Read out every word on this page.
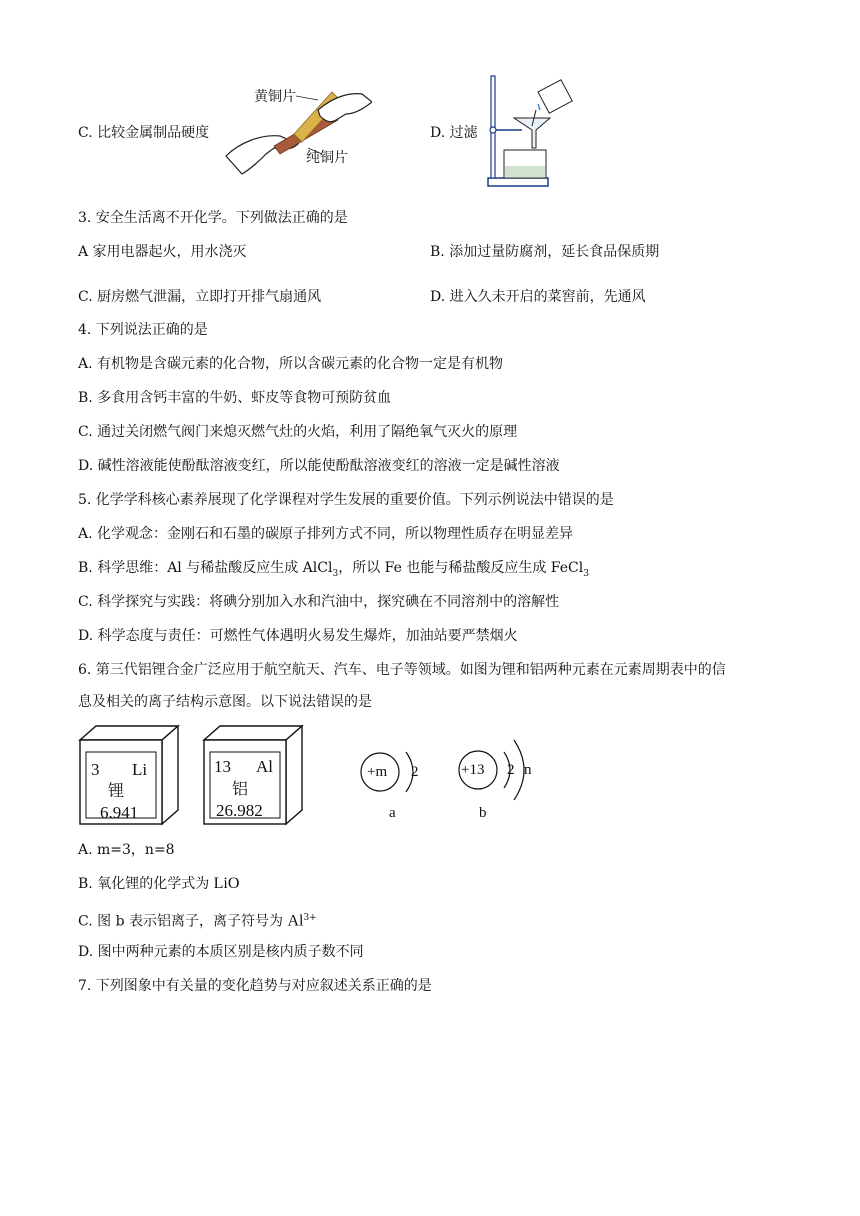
C. 比较金属制品硬度
黄铜片
纯铜片
D. 过滤
3. 安全生活离不开化学。下列做法正确的是
A 家用电器起火，用水浇灭	B. 添加过量防腐剂，延长食品保质期
C. 厨房燃气泄漏，立即打开排气扇通风	D. 进入久未开启的菜窖前，先通风
4. 下列说法正确的是
A. 有机物是含碳元素的化合物，所以含碳元素的化合物一定是有机物
B. 多食用含钙丰富的牛奶、虾皮等食物可预防贫血
C. 通过关闭燃气阀门来熄灭燃气灶的火焰，利用了隔绝氧气灭火的原理
D. 碱性溶液能使酚酞溶液变红，所以能使酚酞溶液变红的溶液一定是碱性溶液
5. 化学学科核心素养展现了化学课程对学生发展的重要价值。下列示例说法中错误的是
A. 化学观念：金刚石和石墨的碳原子排列方式不同，所以物理性质存在明显差异
B. 科学思维：Al 与稀盐酸反应生成 AlCl$_3$，所以 Fe 也能与稀盐酸反应生成 FeCl$_3$
C. 科学探究与实践：将碘分别加入水和汽油中，探究碘在不同溶剂中的溶解性
D. 科学态度与责任：可燃性气体遇明火易发生爆炸，加油站要严禁烟火
6. 第三代铝锂合金广泛应用于航空航天、汽车、电子等领域。如图为锂和铝两种元素在元素周期表中的信
息及相关的离子结构示意图。以下说法错误的是
3 Li
锂
6.941
13 Al
铝
26.982
+m 2
a
+13 2 n
b
A. m=3，n=8
B. 氧化锂的化学式为 LiO
C. 图 b 表示铝离子，离子符号为 $Al^{3+}$
D. 图中两种元素的本质区别是核内质子数不同
7. 下列图象中有关量的变化趋势与对应叙述关系正确的是
